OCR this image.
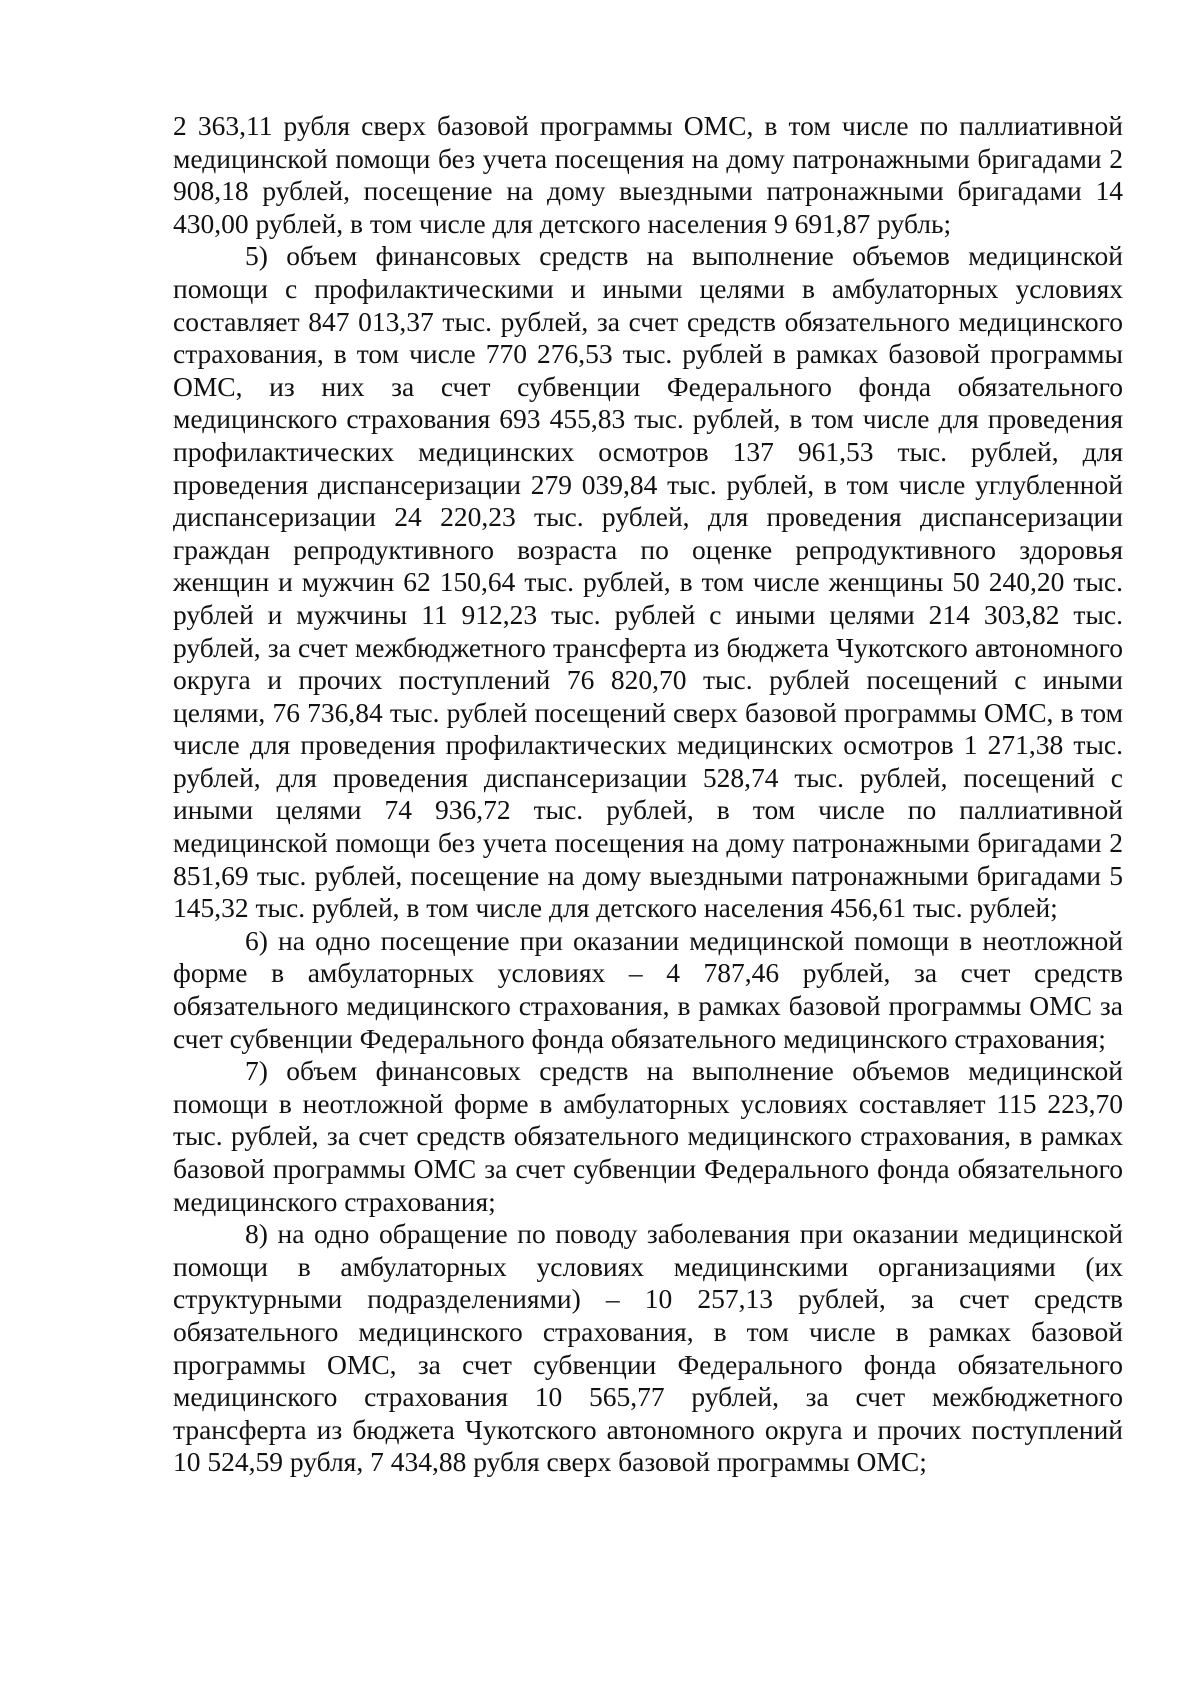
2 363,11 рубля сверх базовой программы ОМС, в том числе по паллиативной медицинской помощи без учета посещения на дому патронажными бригадами 2 908,18 рублей, посещение на дому выездными патронажными бригадами 14 430,00 рублей, в том числе для детского населения 9 691,87 рубль;

5) объем финансовых средств на выполнение объемов медицинской помощи с профилактическими и иными целями в амбулаторных условиях составляет 847 013,37 тыс. рублей, за счет средств обязательного медицинского страхования, в том числе 770 276,53 тыс. рублей в рамках базовой программы ОМС, из них за счет субвенции Федерального фонда обязательного медицинского страхования 693 455,83 тыс. рублей, в том числе для проведения профилактических медицинских осмотров 137 961,53 тыс. рублей, для проведения диспансеризации 279 039,84 тыс. рублей, в том числе углубленной диспансеризации 24 220,23 тыс. рублей, для проведения диспансеризации граждан репродуктивного возраста по оценке репродуктивного здоровья женщин и мужчин 62 150,64 тыс. рублей, в том числе женщины 50 240,20 тыс. рублей и мужчины 11 912,23 тыс. рублей с иными целями 214 303,82 тыс. рублей, за счет межбюджетного трансферта из бюджета Чукотского автономного округа и прочих поступлений 76 820,70 тыс. рублей посещений с иными целями, 76 736,84 тыс. рублей посещений сверх базовой программы ОМС, в том числе для проведения профилактических медицинских осмотров 1 271,38 тыс. рублей, для проведения диспансеризации 528,74 тыс. рублей, посещений с иными целями 74 936,72 тыс. рублей, в том числе по паллиативной медицинской помощи без учета посещения на дому патронажными бригадами 2 851,69 тыс. рублей, посещение на дому выездными патронажными бригадами 5 145,32 тыс. рублей, в том числе для детского населения 456,61 тыс. рублей;

6) на одно посещение при оказании медицинской помощи в неотложной форме в амбулаторных условиях – 4 787,46 рублей, за счет средств обязательного медицинского страхования, в рамках базовой программы ОМС за счет субвенции Федерального фонда обязательного медицинского страхования;

7) объем финансовых средств на выполнение объемов медицинской помощи в неотложной форме в амбулаторных условиях составляет 115 223,70 тыс. рублей, за счет средств обязательного медицинского страхования, в рамках базовой программы ОМС за счет субвенции Федерального фонда обязательного медицинского страхования;

8) на одно обращение по поводу заболевания при оказании медицинской помощи в амбулаторных условиях медицинскими организациями (их структурными подразделениями) – 10 257,13 рублей, за счет средств обязательного медицинского страхования, в том числе в рамках базовой программы ОМС, за счет субвенции Федерального фонда обязательного медицинского страхования 10 565,77 рублей, за счет межбюджетного трансферта из бюджета Чукотского автономного округа и прочих поступлений 10 524,59 рубля, 7 434,88 рубля сверх базовой программы ОМС;
